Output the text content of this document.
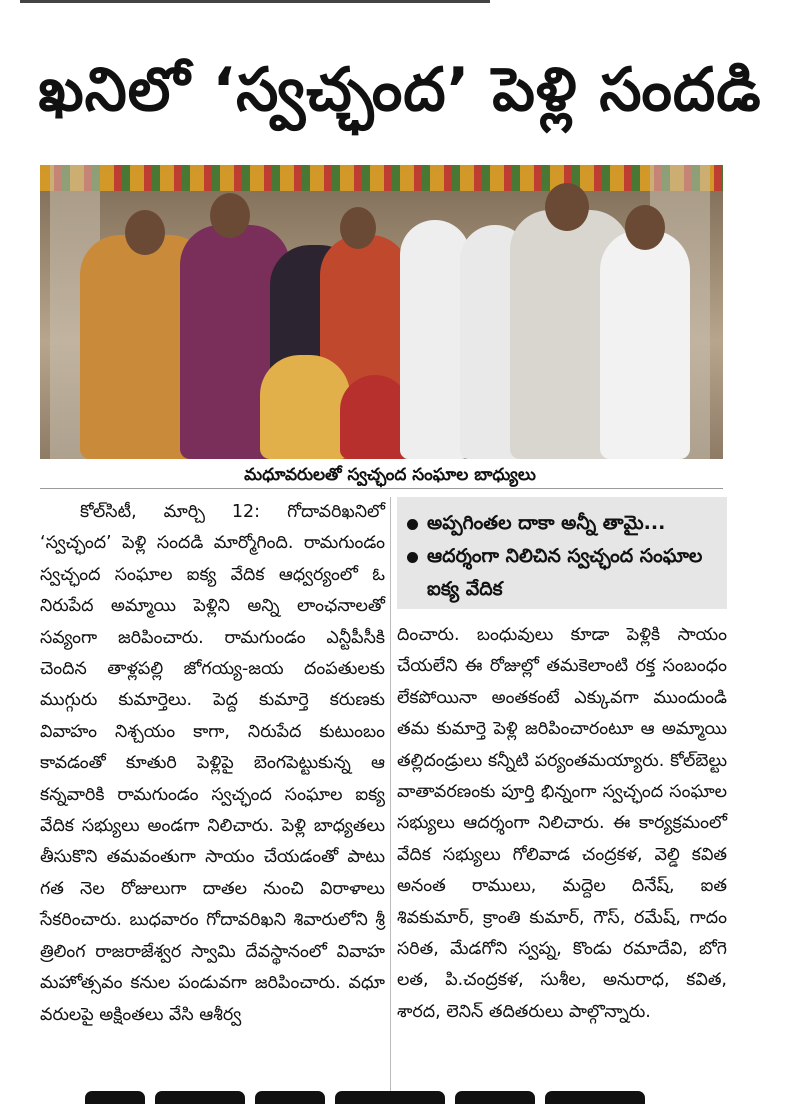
ఖనిలో ‘స్వచ్ఛంద’ పెళ్లి సందడి
మధూవరులతో స్వచ్ఛంద సంఘాల బాధ్యులు

కోల్‌సిటీ, మార్చి 12: గోదావరిఖనిలో ‘స్వచ్ఛంద’ పెళ్లి సందడి మార్మోగింది. రామగుండం స్వచ్ఛంద సంఘాల ఐక్య వేదిక ఆధ్వర్యంలో ఓ నిరుపేద అమ్మాయి పెళ్లిని అన్ని లాంఛనాలతో సవ్యంగా జరిపించారు. రామగుండం ఎన్టీపీసీకి చెందిన తాళ్లపల్లి జోగయ్య-జయ దంపతులకు ముగ్గురు కుమార్తెలు. పెద్ద కుమార్తె కరుణకు వివాహం నిశ్చయం కాగా, నిరుపేద కుటుంబం కావడంతో కూతురి పెళ్లిపై బెంగపెట్టుకున్న ఆ కన్నవారికి రామగుండం స్వచ్ఛంద సంఘాల ఐక్య వేదిక సభ్యులు అండగా నిలిచారు. పెళ్లి బాధ్యతలు తీసుకొని తమవంతుగా సాయం చేయడంతో పాటు గత నెల రోజులుగా దాతల నుంచి విరాళాలు సేకరించారు. బుధవారం గోదావరిఖని శివారులోని శ్రీ త్రిలింగ రాజరాజేశ్వర స్వామి దేవస్థానంలో వివాహ మహోత్సవం కనుల పండువగా జరిపించారు. వధూ వరులపై అక్షింతలు వేసి ఆశీర్వ

అప్పగింతల దాకా అన్నీ తామై...
ఆదర్శంగా నిలిచిన స్వచ్ఛంద సంఘాల ఐక్య వేదిక

దించారు. బంధువులు కూడా పెళ్లికి సాయం చేయలేని ఈ రోజుల్లో తమకెలాంటి రక్త సంబంధం లేకపోయినా అంతకంటే ఎక్కువగా ముందుండి తమ కుమార్తె పెళ్లి జరిపించారంటూ ఆ అమ్మాయి తల్లిదండ్రులు కన్నీటి పర్యంతమయ్యారు. కోల్‌బెల్టు వాతావరణంకు పూర్తి భిన్నంగా స్వచ్ఛంద సంఘాల సభ్యులు ఆదర్శంగా నిలిచారు. ఈ కార్యక్రమంలో వేదిక సభ్యులు గోలివాడ చంద్రకళ, వెల్డి కవిత అనంత రాములు, మద్దెల దినేష్, ఐత శివకుమార్, క్రాంతి కుమార్, గౌస్, రమేష్, గాదం సరిత, మేడగోని స్వప్న, కొండు రమాదేవి, బోగె లత, పి.చంద్రకళ, సుశీల, అనురాధ, కవిత, శారద, లెనిన్ తదితరులు పాల్గొన్నారు.
